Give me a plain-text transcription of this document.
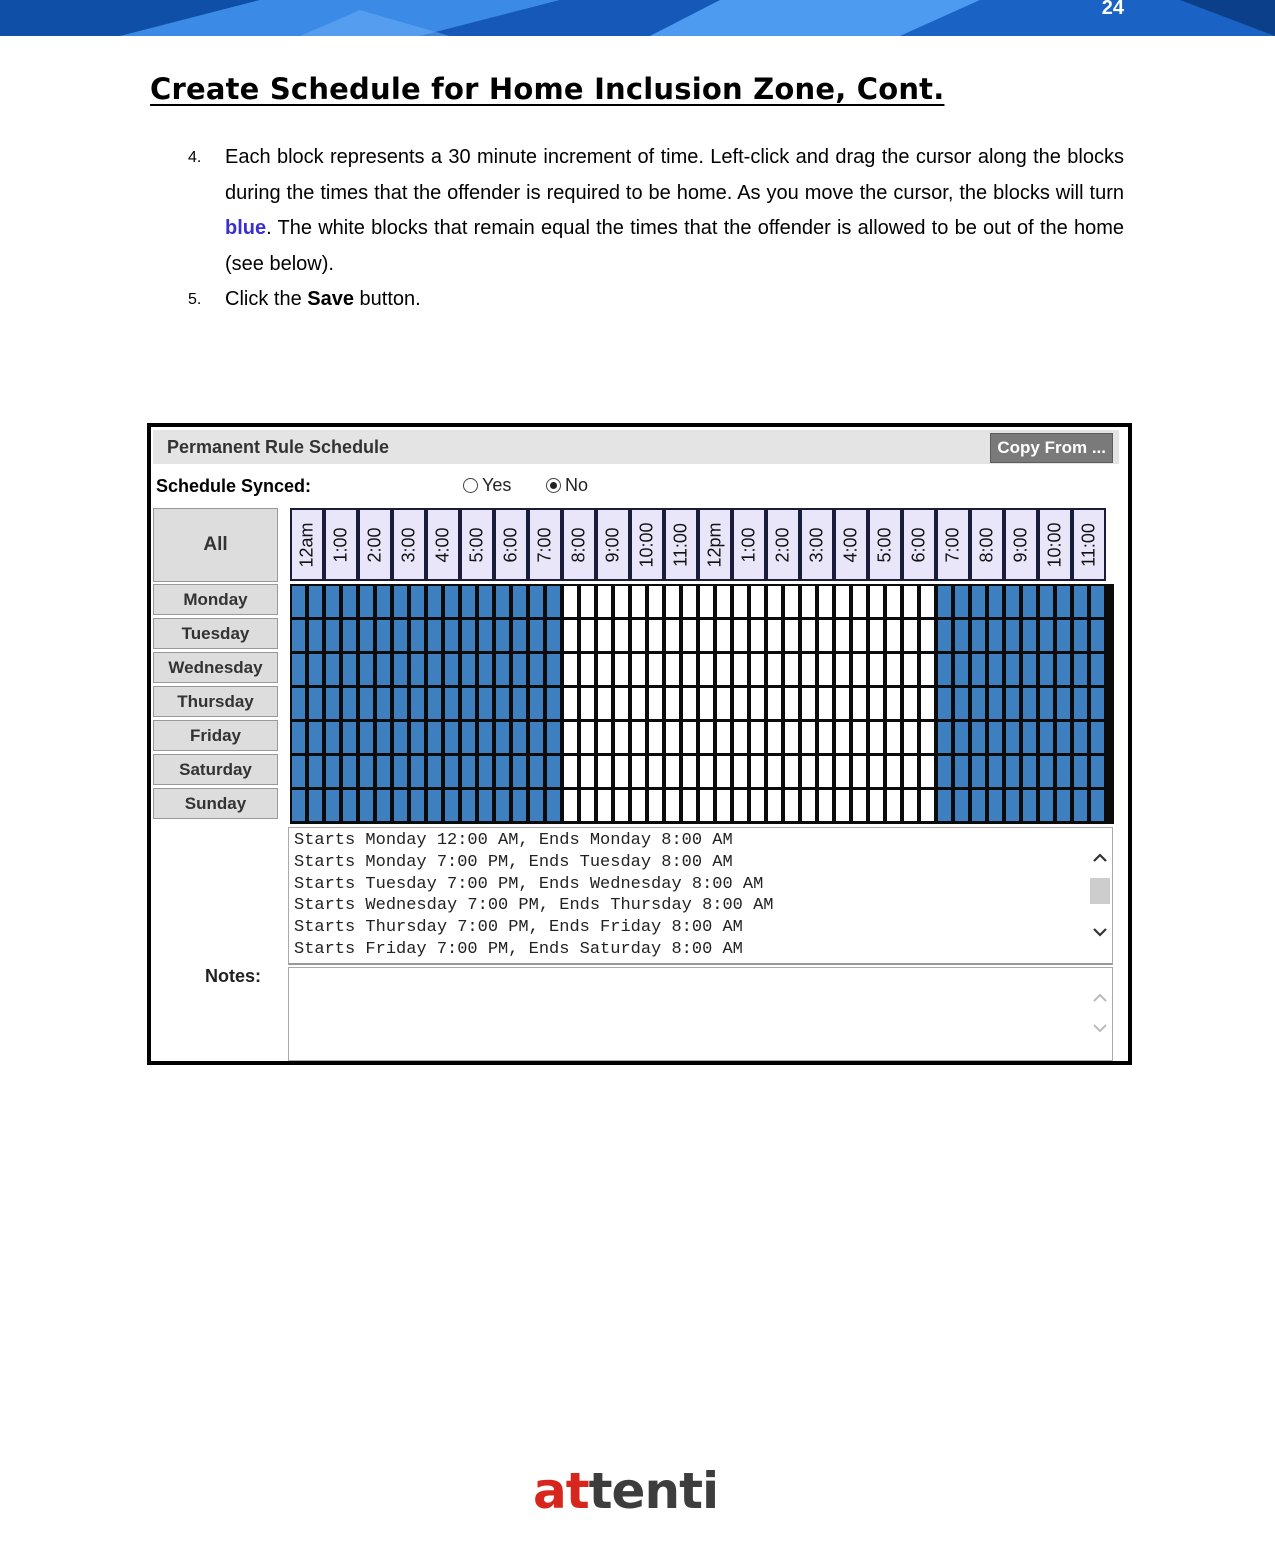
24
Create Schedule for Home Inclusion Zone, Cont.
4. Each block represents a 30 minute increment of time. Left-click and drag the cursor along the blocks during the times that the offender is required to be home. As you move the cursor, the blocks will turn blue. The white blocks that remain equal the times that the offender is allowed to be out of the home (see below).
5. Click the Save button.
Permanent Rule Schedule	Copy From ...
Schedule Synced:	Yes	No
All
Monday
Tuesday
Wednesday
Thursday
Friday
Saturday
Sunday
12am 1:00 2:00 3:00 4:00 5:00 6:00 7:00 8:00 9:00 10:00 11:00 12pm 1:00 2:00 3:00 4:00 5:00 6:00 7:00 8:00 9:00 10:00 11:00
Starts Monday 12:00 AM, Ends Monday 8:00 AM
Starts Monday 7:00 PM, Ends Tuesday 8:00 AM
Starts Tuesday 7:00 PM, Ends Wednesday 8:00 AM
Starts Wednesday 7:00 PM, Ends Thursday 8:00 AM
Starts Thursday 7:00 PM, Ends Friday 8:00 AM
Starts Friday 7:00 PM, Ends Saturday 8:00 AM
Notes:
attenti
